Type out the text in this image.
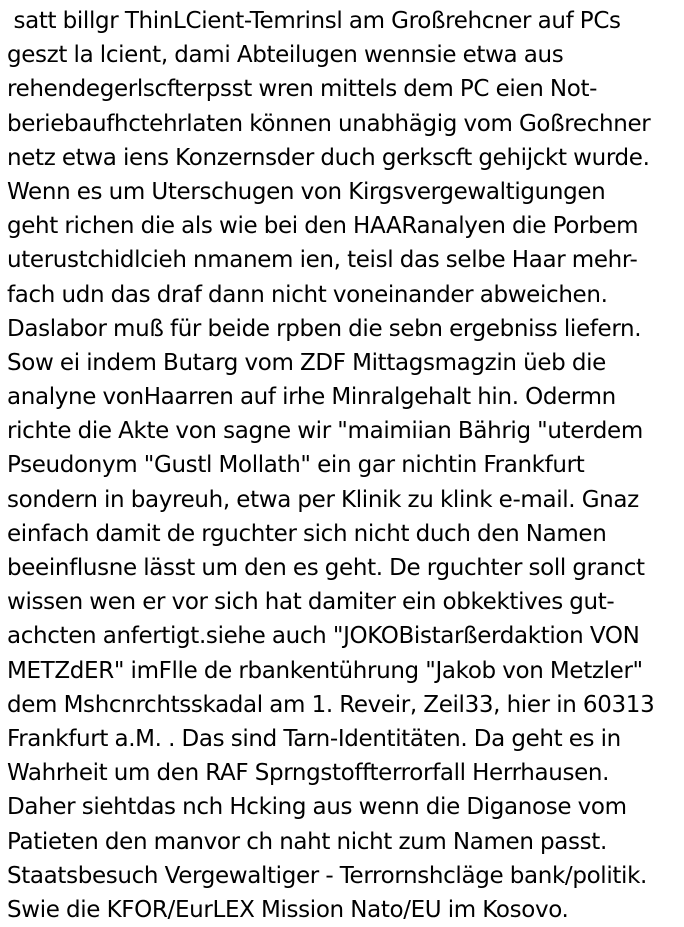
satt billgr ThinLCient-Temrinsl am Großrehcner auf PCs
geszt la lcient, dami Abteilugen wennsie etwa aus
rehendegerlscfterpsst wren mittels dem PC eien Not-
beriebaufhctehrlaten können unabhägig vom Goßrechner
netz etwa iens Konzernsder duch gerkscft gehijckt wurde.
Wenn es um Uterschugen von Kirgsvergewaltigungen
geht richen die als wie bei den HAARanalyen die Porbem
uterustchidlcieh nmanem ien, teisl das selbe Haar mehr-
fach udn das draf dann nicht voneinander abweichen.
Daslabor muß für beide rpben die sebn ergebniss liefern.
Sow ei indem Butarg vom ZDF Mittagsmagzin üeb die
analyne vonHaarren auf irhe Minralgehalt hin. Odermn
richte die Akte von sagne wir "maimiian Bährig "uterdem
Pseudonym "Gustl Mollath" ein gar nichtin Frankfurt
sondern in bayreuh, etwa per Klinik zu klink e-mail. Gnaz
einfach damit de rguchter sich nicht duch den Namen
beeinflusne lässt um den es geht. De rguchter soll granct
wissen wen er vor sich hat damiter ein obkektives gut-
achcten anfertigt.siehe auch "JOKOBistarßerdaktion VON
METZdER" imFlle de rbankentührung "Jakob von Metzler"
dem Mshcnrchtsskadal am 1. Reveir, Zeil33, hier in 60313
Frankfurt a.M. . Das sind Tarn-Identitäten. Da geht es in
Wahrheit um den RAF Sprngstoffterrorfall Herrhausen.
Daher siehtdas nch Hcking aus wenn die Diganose vom
Patieten den manvor ch naht nicht zum Namen passt.
Staatsbesuch Vergewaltiger - Terrornshcläge bank/politik.
Swie die KFOR/EurLEX Mission Nato/EU im Kosovo.
